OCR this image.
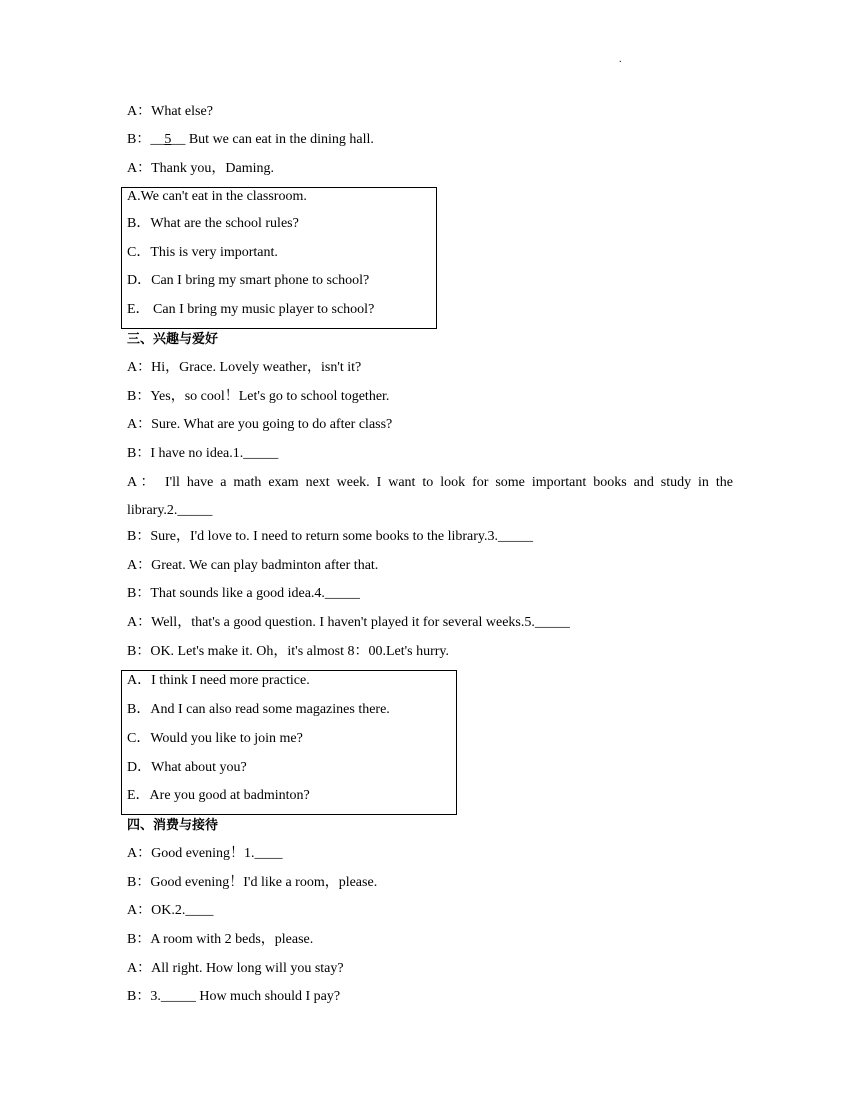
.
A：What else?
B：__5__ But we can eat in the dining hall.
A：Thank you，Daming.
A.We can't eat in the classroom.
B．What are the school rules?
C．This is very important.
D．Can I bring my smart phone to school?
E． Can I bring my music player to school?
三、兴趣与爱好
A：Hi，Grace. Lovely weather，isn't it?
B：Yes，so cool！Let's go to school together.
A：Sure. What are you going to do after class?
B：I have no idea.1._____
A： I'll have a math exam next week. I want to look for some important books and study in the
library.2._____
B：Sure，I'd love to. I need to return some books to the library.3._____
A：Great. We can play badminton after that.
B：That sounds like a good idea.4._____
A：Well，that's a good question. I haven't played it for several weeks.5._____
B：OK. Let's make it. Oh，it's almost 8：00.Let's hurry.
A．I think I need more practice.
B．And I can also read some magazines there.
C．Would you like to join me?
D．What about you?
E．Are you good at badminton?
四、消费与接待
A：Good evening！1.____
B：Good evening！I'd like a room，please.
A：OK.2.____
B：A room with 2 beds，please.
A：All right. How long will you stay?
B：3._____ How much should I pay?
